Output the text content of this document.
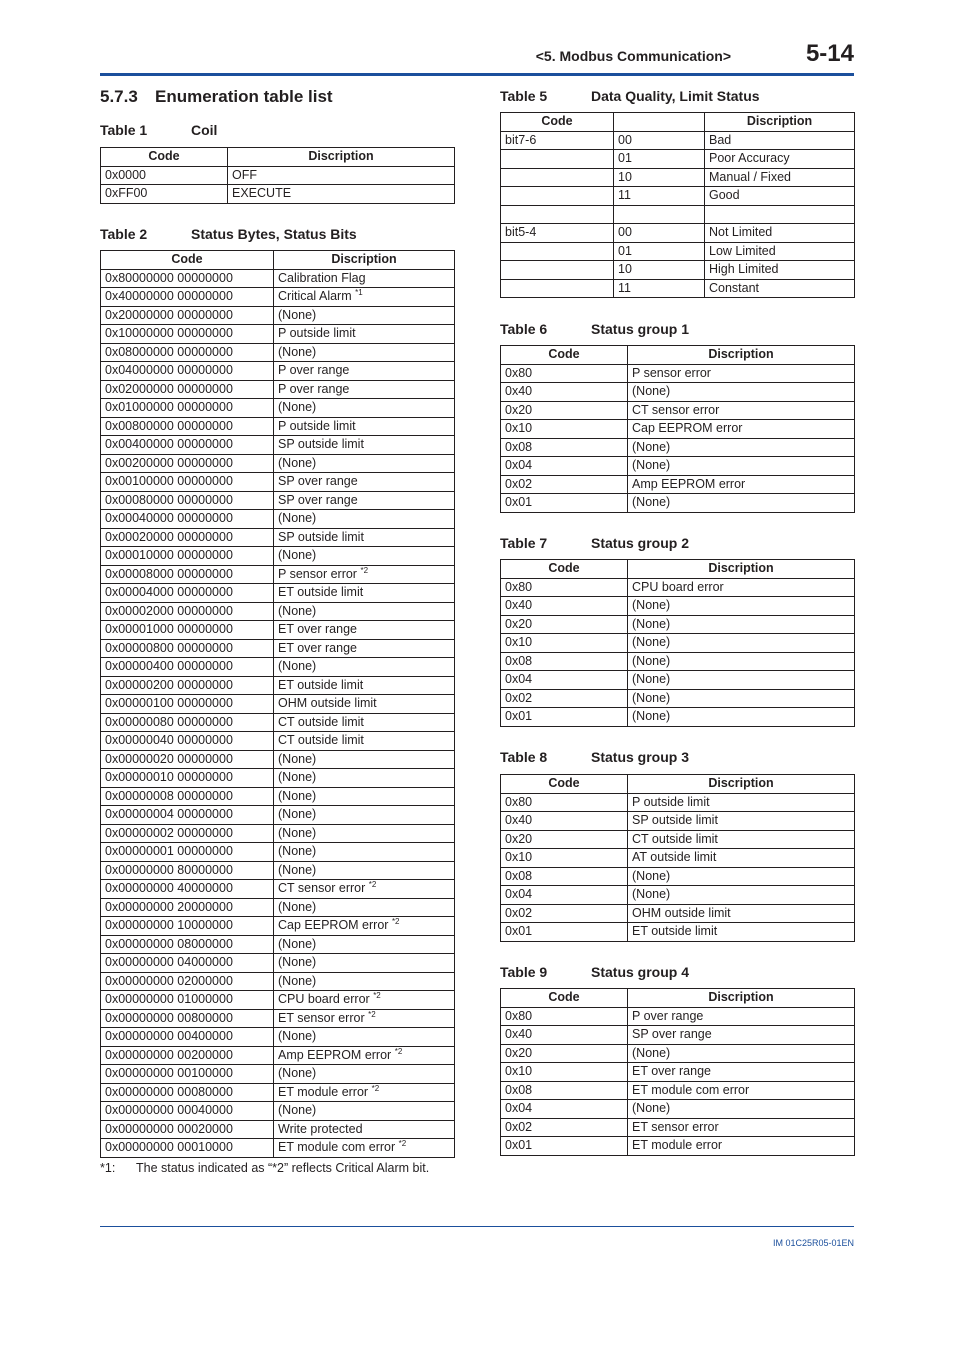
<5. Modbus Communication>	5-14
5.7.3 Enumeration table list
Table 1	Coil
Code	Discription
0x0000	OFF
0xFF00	EXECUTE
Table 2	Status Bytes, Status Bits
Code	Discription
0x80000000 00000000	Calibration Flag
0x40000000 00000000	Critical Alarm $^{*1}$
0x20000000 00000000	(None)
0x10000000 00000000	P outside limit
0x08000000 00000000	(None)
0x04000000 00000000	P over range
0x02000000 00000000	P over range
0x01000000 00000000	(None)
0x00800000 00000000	P outside limit
0x00400000 00000000	SP outside limit
0x00200000 00000000	(None)
0x00100000 00000000	SP over range
0x00080000 00000000	SP over range
0x00040000 00000000	(None)
0x00020000 00000000	SP outside limit
0x00010000 00000000	(None)
0x00008000 00000000	P sensor error $^{*2}$
0x00004000 00000000	ET outside limit
0x00002000 00000000	(None)
0x00001000 00000000	ET over range
0x00000800 00000000	ET over range
0x00000400 00000000	(None)
0x00000200 00000000	ET outside limit
0x00000100 00000000	OHM outside limit
0x00000080 00000000	CT outside limit
0x00000040 00000000	CT outside limit
0x00000020 00000000	(None)
0x00000010 00000000	(None)
0x00000008 00000000	(None)
0x00000004 00000000	(None)
0x00000002 00000000	(None)
0x00000001 00000000	(None)
0x00000000 80000000	(None)
0x00000000 40000000	CT sensor error $^{*2}$
0x00000000 20000000	(None)
0x00000000 10000000	Cap EEPROM error $^{*2}$
0x00000000 08000000	(None)
0x00000000 04000000	(None)
0x00000000 02000000	(None)
0x00000000 01000000	CPU board error $^{*2}$
0x00000000 00800000	ET sensor error $^{*2}$
0x00000000 00400000	(None)
0x00000000 00200000	Amp EEPROM error $^{*2}$
0x00000000 00100000	(None)
0x00000000 00080000	ET module error $^{*2}$
0x00000000 00040000	(None)
0x00000000 00020000	Write protected
0x00000000 00010000	ET module com error $^{*2}$
Table 5	Data Quality, Limit Status
Code		Discription
bit7-6	00	Bad
	01	Poor Accuracy
	10	Manual / Fixed
	11	Good

bit5-4	00	Not Limited
	01	Low Limited
	10	High Limited
	11	Constant
Table 6	Status group 1
Code	Discription
0x80	P sensor error
0x40	(None)
0x20	CT sensor error
0x10	Cap EEPROM error
0x08	(None)
0x04	(None)
0x02	Amp EEPROM error
0x01	(None)
Table 7	Status group 2
Code	Discription
0x80	CPU board error
0x40	(None)
0x20	(None)
0x10	(None)
0x08	(None)
0x04	(None)
0x02	(None)
0x01	(None)
Table 8	Status group 3
Code	Discription
0x80	P outside limit
0x40	SP outside limit
0x20	CT outside limit
0x10	AT outside limit
0x08	(None)
0x04	(None)
0x02	OHM outside limit
0x01	ET outside limit
Table 9	Status group 4
Code	Discription
0x80	P over range
0x40	SP over range
0x20	(None)
0x10	ET over range
0x08	ET module com error
0x04	(None)
0x02	ET sensor error
0x01	ET module error
*1: The status indicated as “*2” reflects Critical Alarm bit.
IM 01C25R05-01EN
